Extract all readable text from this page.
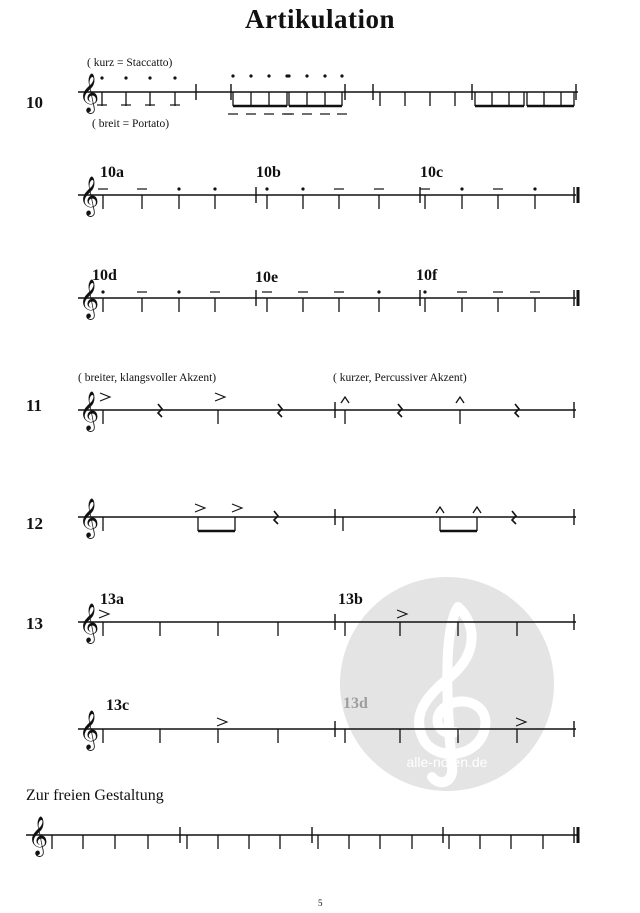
Artikulation
10
11
12
13
10a	10b	10c
10d	10e	10f
13a	13b
13c
( kurz = Staccatto)
( breit = Portato)
( breiter, klangsvoller Akzent)	( kurzer, Percussiver Akzent)
Zur freien Gestaltung
5
alle-noten.de
𝄞
𝄞
𝄞
𝄞
𝄞
𝄞
𝄞
𝄞
